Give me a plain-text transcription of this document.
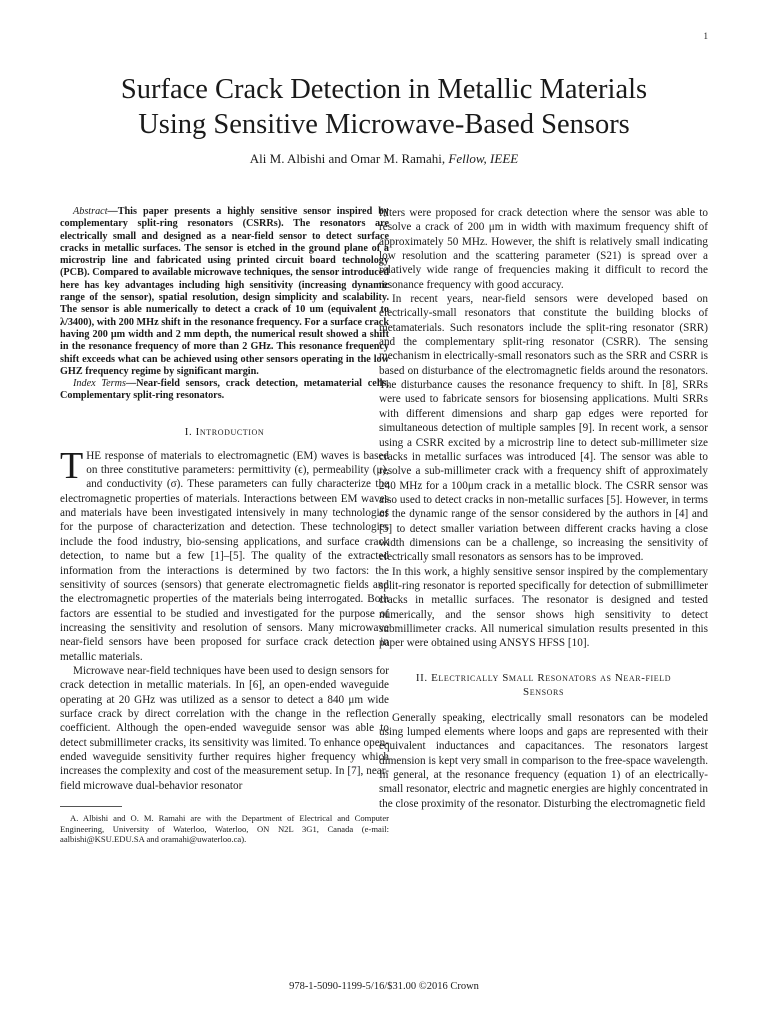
1
Surface Crack Detection in Metallic Materials
Using Sensitive Microwave-Based Sensors
Ali M. Albishi and Omar M. Ramahi, Fellow, IEEE

Abstract—This paper presents a highly sensitive sensor inspired by complementary split-ring resonators (CSRRs). The resonators are electrically small and designed as a near-field sensor to detect surface cracks in metallic surfaces. The sensor is etched in the ground plane of a microstrip line and fabricated using printed circuit board technology (PCB). Compared to available microwave techniques, the sensor introduced here has key advantages including high sensitivity (increasing dynamic range of the sensor), spatial resolution, design simplicity and scalability. The sensor is able numerically to detect a crack of 10 um (equivalent to λ/3400), with 200 MHz shift in the resonance frequency. For a surface crack having 200 μm width and 2 mm depth, the numerical result showed a shift in the resonance frequency of more than 2 GHz. This resonance frequency shift exceeds what can be achieved using other sensors operating in the low GHZ frequency regime by significant margin.

Index Terms—Near-field sensors, crack detection, metamaterial cells, Complementary split-ring resonators.

I. Introduction

THE response of materials to electromagnetic (EM) waves is based on three constitutive parameters: permittivity (ϵ), permeability (μ), and conductivity (σ). These parameters can fully characterize the electromagnetic properties of materials. Interactions between EM waves and materials have been investigated intensively in many technologies for the purpose of characterization and detection. These technologies include the food industry, bio-sensing applications, and surface crack detection, to name but a few [1]–[5]. The quality of the extracted information from the interactions is determined by two factors: the sensitivity of sources (sensors) that generate electromagnetic fields and the electromagnetic properties of the materials being interrogated. Both factors are essential to be studied and investigated for the purpose of increasing the sensitivity and resolution of sensors. Many microwave near-field sensors have been proposed for surface crack detection in metallic materials.

Microwave near-field techniques have been used to design sensors for crack detection in metallic materials. In [6], an open-ended waveguide operating at 20 GHz was utilized as a sensor to detect a 840 μm wide surface crack by direct correlation with the change in the reflection coefficient. Although the open-ended waveguide sensor was able to detect submillimeter cracks, its sensitivity was limited. To enhance open-ended waveguide sensitivity further requires higher frequency which increases the complexity and cost of the measurement setup. In [7], near-field microwave dual-behavior resonator

A. Albishi and O. M. Ramahi are with the Department of Electrical and Computer Engineering, University of Waterloo, Waterloo, ON N2L 3G1, Canada (e-mail: aalbishi@KSU.EDU.SA and oramahi@uwaterloo.ca).

filters were proposed for crack detection where the sensor was able to resolve a crack of 200 μm in width with maximum frequency shift of approximately 50 MHz. However, the shift is relatively small indicating low resolution and the scattering parameter (S21) is spread over a relatively wide range of frequencies making it difficult to record the resonance frequency with good accuracy.

In recent years, near-field sensors were developed based on electrically-small resonators that constitute the building blocks of metamaterials. Such resonators include the split-ring resonator (SRR) and the complementary split-ring resonator (CSRR). The sensing mechanism in electrically-small resonators such as the SRR and CSRR is based on disturbance of the electromagnetic fields around the resonators. The disturbance causes the resonance frequency to shift. In [8], SRRs were used to fabricate sensors for biosensing applications. Multi SRRs with different dimensions and sharp gap edges were reported for simultaneous detection of multiple samples [9]. In recent work, a sensor using a CSRR excited by a microstrip line to detect sub-millimeter size cracks in metallic surfaces was introduced [4]. The sensor was able to resolve a sub-millimeter crack with a frequency shift of approximately 240 MHz for a 100μm crack in a metallic block. The CSRR sensor was also used to detect cracks in non-metallic surfaces [5]. However, in terms of the dynamic range of the sensor considered by the authors in [4] and [5] to detect smaller variation between different cracks having a close width dimensions can be a challenge, so increasing the sensitivity of electrically small resonators as sensors has to be improved.

In this work, a highly sensitive sensor inspired by the complementary split-ring resonator is reported specifically for detection of submillimeter cracks in metallic surfaces. The resonator is designed and tested numerically, and the sensor shows high sensitivity to detect submillimeter cracks. All numerical simulation results presented in this paper were obtained using ANSYS HFSS [10].

II. Electrically Small Resonators as Near-field
Sensors

Generally speaking, electrically small resonators can be modeled using lumped elements where loops and gaps are represented with their equivalent inductances and capacitances. The resonators largest dimension is kept very small in comparison to the free-space wavelength. In general, at the resonance frequency (equation 1) of an electrically-small resonator, electric and magnetic energies are highly concentrated in the close proximity of the resonator. Disturbing the electromagnetic field

978-1-5090-1199-5/16/$31.00 ©2016 Crown
